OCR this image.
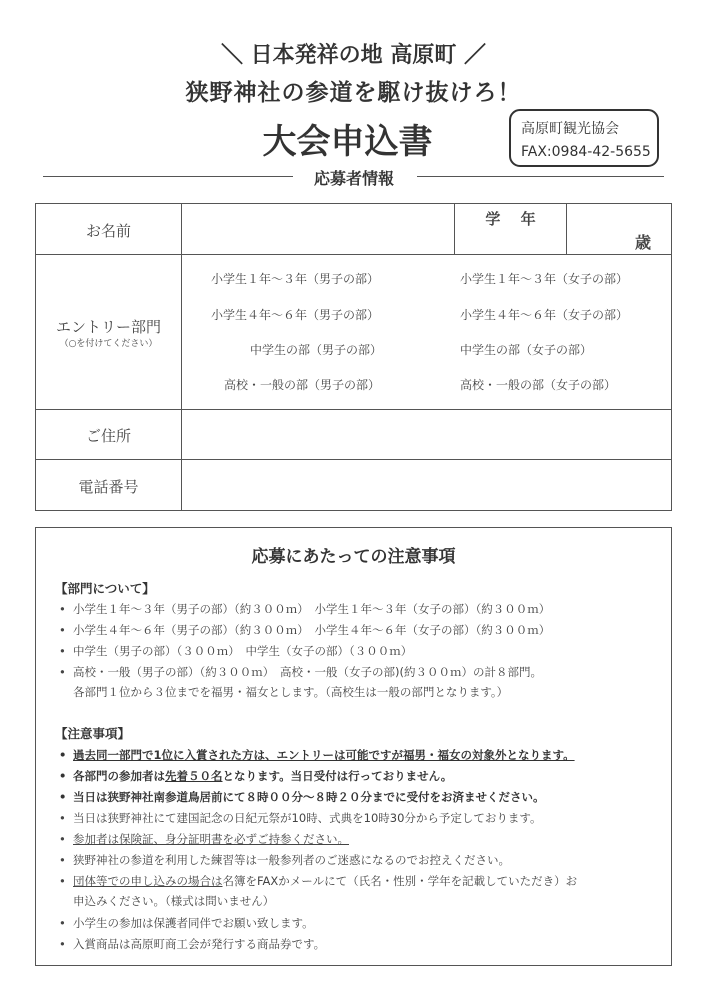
＼ 日本発祥の地 高原町 ／
狭野神社の参道を駆け抜けろ！
大会申込書	高原町観光協会
FAX:0984-42-5655
応募者情報
お名前
学　 年
歳
エントリー部門
（○を付けてください）
小学生１年〜３年（男子の部）	小学生１年〜３年（女子の部）
小学生４年〜６年（男子の部）	小学生４年〜６年（女子の部）
中学生の部（男子の部）	中学生の部（女子の部）
高校・一般の部（男子の部）	高校・一般の部（女子の部）
ご住所
電話番号
応募にあたっての注意事項
【部門について】
• 小学生１年〜３年（男子の部）（約３００ｍ）　小学生１年〜３年（女子の部）（約３００ｍ）
• 小学生４年〜６年（男子の部）（約３００ｍ）　小学生４年〜６年（女子の部）（約３００ｍ）
• 中学生（男子の部）（３００ｍ）　中学生（女子の部）（３００ｍ）
• 高校・一般（男子の部）（約３００ｍ）　高校・一般（女子の部)(約３００ｍ）の計８部門。
各部門１位から３位までを福男・福女とします。（高校生は一般の部門となります。）
【注意事項】
• 過去同一部門で1位に入賞された方は、エントリーは可能ですが福男・福女の対象外となります。
• 各部門の参加者は先着５０名となります。当日受付は行っておりません。
• 当日は狭野神社南参道鳥居前にて８時００分〜８時２０分までに受付をお済ませください。
• 当日は狭野神社にて建国記念の日紀元祭が10時、式典を10時30分から予定しております。
• 参加者は保険証、身分証明書を必ずご持参ください。
• 狭野神社の参道を利用した練習等は一般参列者のご迷惑になるのでお控えください。
• 団体等での申し込みの場合は名簿をFAXかメールにて（氏名・性別・学年を記載していただき）お
申込みください。（様式は問いません）
• 小学生の参加は保護者同伴でお願い致します。
• 入賞商品は高原町商工会が発行する商品券です。
